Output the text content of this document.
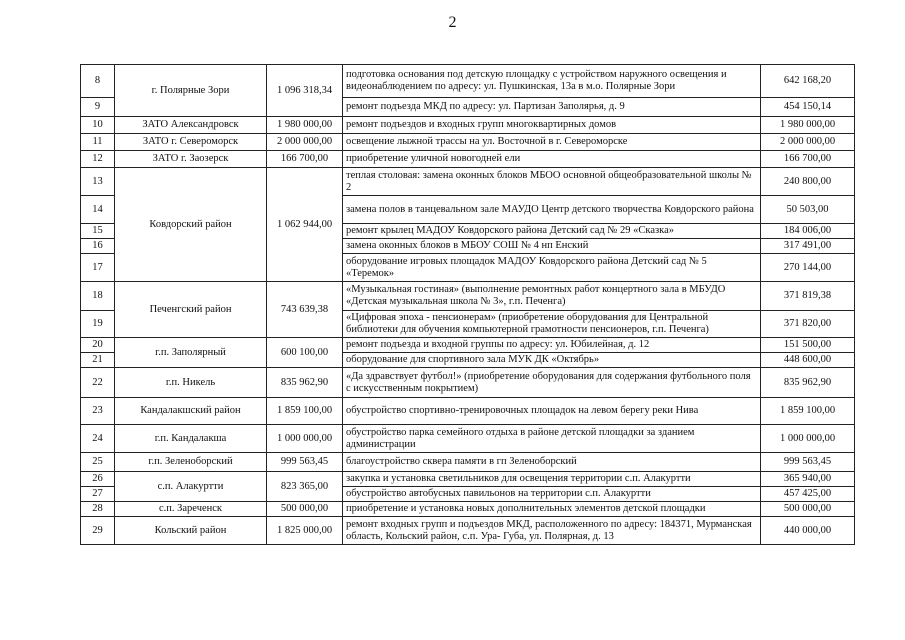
2
8	г. Полярные Зори	1 096 318,34	подготовка основания под детскую площадку с устройством наружного освещения и видеонаблюдением по адресу: ул. Пушкинская, 13а в м.о. Полярные Зори	642 168,20
9			ремонт подъезда МКД по адресу: ул. Партизан Заполярья, д. 9	454 150,14
10	ЗАТО Александровск	1 980 000,00	ремонт подъездов и входных групп многоквартирных домов	1 980 000,00
11	ЗАТО г. Североморск	2 000 000,00	освещение лыжной трассы на ул. Восточной в г. Североморске	2 000 000,00
12	ЗАТО г. Заозерск	166 700,00	приобретение уличной новогодней ели	166 700,00
13	Ковдорский район	1 062 944,00	теплая столовая: замена оконных блоков МБОО основной общеобразовательной школы № 2	240 800,00
14			замена полов в танцевальном зале МАУДО Центр детского творчества Ковдорского района	50 503,00
15			ремонт крылец МАДОУ Ковдорского района Детский сад № 29 «Сказка»	184 006,00
16			замена оконных блоков в МБОУ СОШ № 4 нп Енский	317 491,00
17			оборудование игровых площадок МАДОУ Ковдорского района Детский сад № 5 «Теремок»	270 144,00
18	Печенгский район	743 639,38	«Музыкальная гостиная» (выполнение ремонтных работ концертного зала в МБУДО «Детская музыкальная школа № 3», г.п. Печенга)	371 819,38
19			«Цифровая эпоха - пенсионерам» (приобретение оборудования для Центральной библиотеки для обучения компьютерной грамотности пенсионеров, г.п. Печенга)	371 820,00
20	г.п. Заполярный	600 100,00	ремонт подъезда и входной группы по адресу: ул. Юбилейная, д. 12	151 500,00
21			оборудование для спортивного зала МУК ДК «Октябрь»	448 600,00
22	г.п. Никель	835 962,90	«Да здравствует футбол!» (приобретение оборудования для содержания футбольного поля с искусственным покрытием)	835 962,90
23	Кандалакшский район	1 859 100,00	обустройство спортивно-тренировочных площадок на левом берегу реки Нива	1 859 100,00
24	г.п. Кандалакша	1 000 000,00	обустройство парка семейного отдыха в районе детской площадки за зданием администрации	1 000 000,00
25	г.п. Зеленоборский	999 563,45	благоустройство сквера памяти в гп Зеленоборский	999 563,45
26	с.п. Алакуртти	823 365,00	закупка и установка светильников для освещения территории с.п. Алакуртти	365 940,00
27			обустройство автобусных павильонов на территории с.п. Алакуртти	457 425,00
28	с.п. Зареченск	500 000,00	приобретение и установка новых дополнительных элементов детской площадки	500 000,00
29	Кольский район	1 825 000,00	ремонт входных групп и подъездов МКД, расположенного по адресу: 184371, Мурманская область, Кольский район, с.п. Ура- Губа, ул. Полярная, д. 13	440 000,00
